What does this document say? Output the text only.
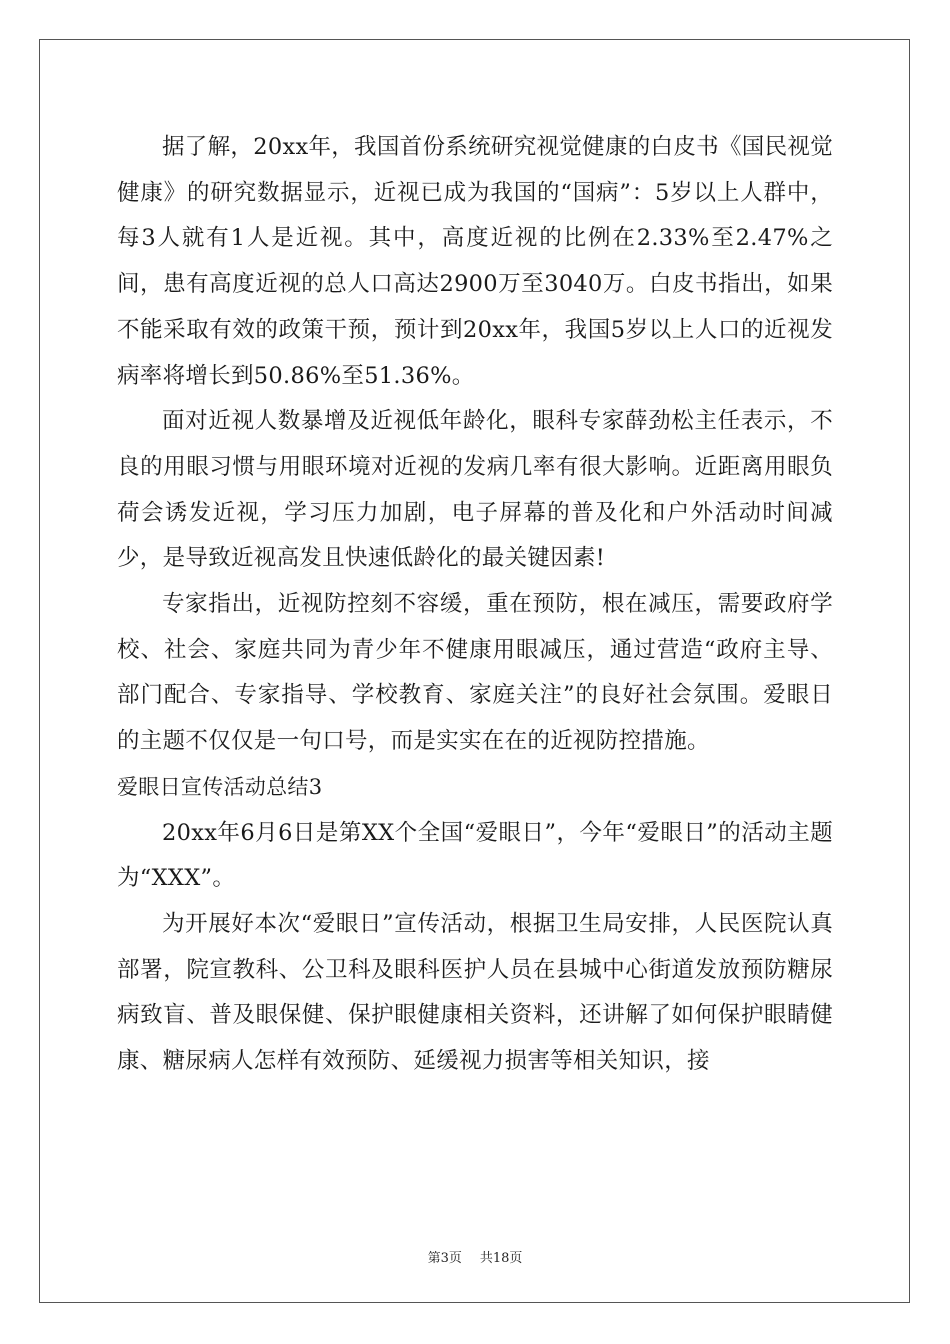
据了解，20xx年，我国首份系统研究视觉健康的白皮书《国民视觉健康》的研究数据显示，近视已成为我国的“国病”：5岁以上人群中，每3人就有1人是近视。其中，高度近视的比例在2.33%至2.47%之间，患有高度近视的总人口高达2900万至3040万。白皮书指出，如果不能采取有效的政策干预，预计到20xx年，我国5岁以上人口的近视发病率将增长到50.86%至51.36%。

面对近视人数暴增及近视低年龄化，眼科专家薛劲松主任表示，不良的用眼习惯与用眼环境对近视的发病几率有很大影响。近距离用眼负荷会诱发近视，学习压力加剧，电子屏幕的普及化和户外活动时间减少，是导致近视高发且快速低龄化的最关键因素!

专家指出，近视防控刻不容缓，重在预防，根在减压，需要政府学校、社会、家庭共同为青少年不健康用眼减压，通过营造“政府主导、部门配合、专家指导、学校教育、家庭关注”的良好社会氛围。爱眼日的主题不仅仅是一句口号，而是实实在在的近视防控措施。

爱眼日宣传活动总结3

20xx年6月6日是第XX个全国“爱眼日”，今年“爱眼日”的活动主题为“XXX”。

为开展好本次“爱眼日”宣传活动，根据卫生局安排，人民医院认真部署，院宣教科、公卫科及眼科医护人员在县城中心街道发放预防糖尿病致盲、普及眼保健、保护眼健康相关资料，还讲解了如何保护眼睛健康、糖尿病人怎样有效预防、延缓视力损害等相关知识，接

第3页 共18页
